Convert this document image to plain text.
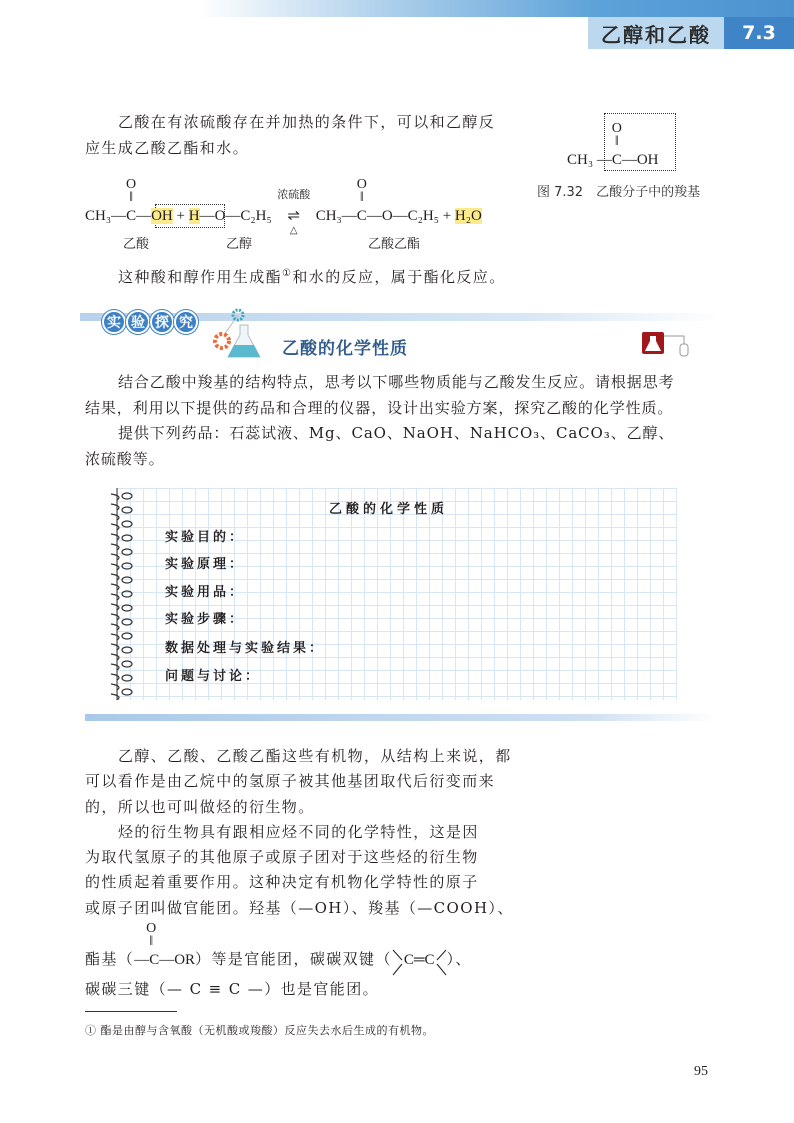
乙醇和乙酸	7.3
乙酸在有浓硫酸存在并加热的条件下，可以和乙醇反
应生成乙酸乙酯和水。
CH₃ —
O
‖
C—OH
图 7.32　乙酸分子中的羧基
CH₃—
O
‖
C—OH + H—O—C₂H₅
浓硫酸
⇌
△
CH₃—
O
‖
C—O—C₂H₅ + H₂O
乙酸	乙醇	乙酸乙酯
这种酸和醇作用生成酯①和水的反应，属于酯化反应。
实 验 探 究
乙酸的化学性质
结合乙酸中羧基的结构特点，思考以下哪些物质能与乙酸发生反应。请根据思考
结果，利用以下提供的药品和合理的仪器，设计出实验方案，探究乙酸的化学性质。
提供下列药品：石蕊试液、Mg、CaO、NaOH、NaHCO₃、CaCO₃、乙醇、
浓硫酸等。
乙酸的化学性质
实验目的：
实验原理：
实验用品：
实验步骤：
数据处理与实验结果：
问题与讨论：
乙醇、乙酸、乙酸乙酯这些有机物，从结构上来说，都
可以看作是由乙烷中的氢原子被其他基团取代后衍变而来
的，所以也可叫做烃的衍生物。
烃的衍生物具有跟相应烃不同的化学特性，这是因
为取代氢原子的其他原子或原子团对于这些烃的衍生物
的性质起着重要作用。这种决定有机物化学特性的原子
或原子团叫做官能团。羟基（—OH）、羧基（—COOH）、
酯基（
O
‖
—C—OR）等是官能团，碳碳双键（ C═C ）、
碳碳三键（— C ≡ C —）也是官能团。
① 酯是由醇与含氧酸（无机酸或羧酸）反应失去水后生成的有机物。
95
